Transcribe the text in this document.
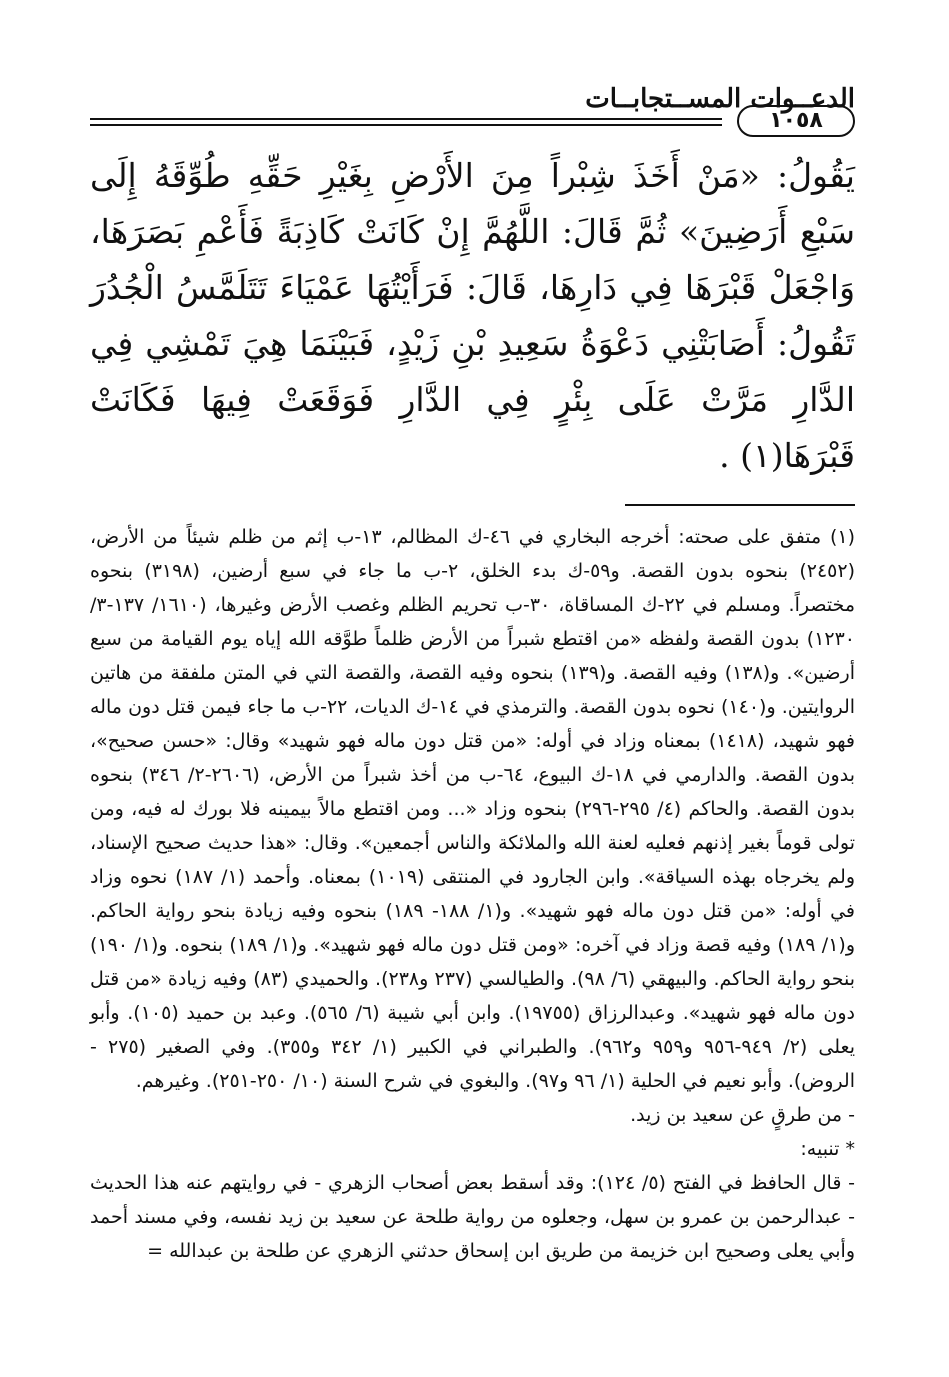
الدعــوات المســتجابــات
١٠٥٨

يَقُولُ: «مَنْ أَخَذَ شِبْراً مِنَ الأَرْضِ بِغَيْرِ حَقِّهِ طُوِّقَهُ إِلَى سَبْعِ أَرَضِينَ» ثُمَّ قَالَ: اللَّهُمَّ إِنْ كَانَتْ كَاذِبَةً فَأَعْمِ بَصَرَهَا، وَاجْعَلْ قَبْرَهَا فِي دَارِهَا، قَالَ: فَرَأَيْتُهَا عَمْيَاءَ تَتَلَمَّسُ الْجُدُرَ تَقُولُ: أَصَابَتْنِي دَعْوَةُ سَعِيدِ بْنِ زَيْدٍ، فَبَيْنَمَا هِيَ تَمْشِي فِي الدَّارِ مَرَّتْ عَلَى بِئْرٍ فِي الدَّارِ فَوَقَعَتْ فِيهَا فَكَانَتْ قَبْرَهَا(١) .

(١) متفق على صحته: أخرجه البخاري في ٤٦-ك المظالم، ١٣-ب إثم من ظلم شيئاً من الأرض، (٢٤٥٢) بنحوه بدون القصة. و٥٩-ك بدء الخلق، ٢-ب ما جاء في سبع أرضين، (٣١٩٨) بنحوه مختصراً. ومسلم في ٢٢-ك المساقاة، ٣٠-ب تحريم الظلم وغصب الأرض وغيرها، (١٦١٠/ ١٣٧-٣/ ١٢٣٠) بدون القصة ولفظه «من اقتطع شبراً من الأرض ظلماً طوَّقه الله إياه يوم القيامة من سبع أرضين». و(١٣٨) وفيه القصة. و(١٣٩) بنحوه وفيه القصة، والقصة التي في المتن ملفقة من هاتين الروايتين. و(١٤٠) نحوه بدون القصة. والترمذي في ١٤-ك الديات، ٢٢-ب ما جاء فيمن قتل دون ماله فهو شهيد، (١٤١٨) بمعناه وزاد في أوله: «من قتل دون ماله فهو شهيد» وقال: «حسن صحيح»، بدون القصة. والدارمي في ١٨-ك البيوع، ٦٤-ب من أخذ شبراً من الأرض، (٢٦٠٦-٢/ ٣٤٦) بنحوه بدون القصة. والحاكم (٤/ ٢٩٥-٢٩٦) بنحوه وزاد «... ومن اقتطع مالاً بيمينه فلا بورك له فيه، ومن تولى قوماً بغير إذنهم فعليه لعنة الله والملائكة والناس أجمعين». وقال: «هذا حديث صحيح الإسناد، ولم يخرجاه بهذه السياقة». وابن الجارود في المنتقى (١٠١٩) بمعناه. وأحمد (١/ ١٨٧) نحوه وزاد في أوله: «من قتل دون ماله فهو شهيد». و(١/ ١٨٨- ١٨٩) بنحوه وفيه زيادة بنحو رواية الحاكم. و(١/ ١٨٩) وفيه قصة وزاد في آخره: «ومن قتل دون ماله فهو شهيد». و(١/ ١٨٩) بنحوه. و(١/ ١٩٠) بنحو رواية الحاكم. والبيهقي (٦/ ٩٨). والطيالسي (٢٣٧ و٢٣٨). والحميدي (٨٣) وفيه زيادة «من قتل دون ماله فهو شهيد». وعبدالرزاق (١٩٧٥٥). وابن أبي شيبة (٦/ ٥٦٥). وعبد بن حميد (١٠٥). وأبو يعلى (٢/ ٩٤٩-٩٥٦ و٩٥٩ و٩٦٢). والطبراني في الكبير (١/ ٣٤٢ و٣٥٥). وفي الصغير (٢٧٥ - الروض). وأبو نعيم في الحلية (١/ ٩٦ و٩٧). والبغوي في شرح السنة (١٠/ ٢٥٠-٢٥١). وغيرهم.

- من طرقٍ عن سعيد بن زيد.

* تنبيه:

- قال الحافظ في الفتح (٥/ ١٢٤): وقد أسقط بعض أصحاب الزهري - في روايتهم عنه هذا الحديث - عبدالرحمن بن عمرو بن سهل، وجعلوه من رواية طلحة عن سعيد بن زيد نفسه، وفي مسند أحمد وأبي يعلى وصحيح ابن خزيمة من طريق ابن إسحاق حدثني الزهري عن طلحة بن عبدالله =
